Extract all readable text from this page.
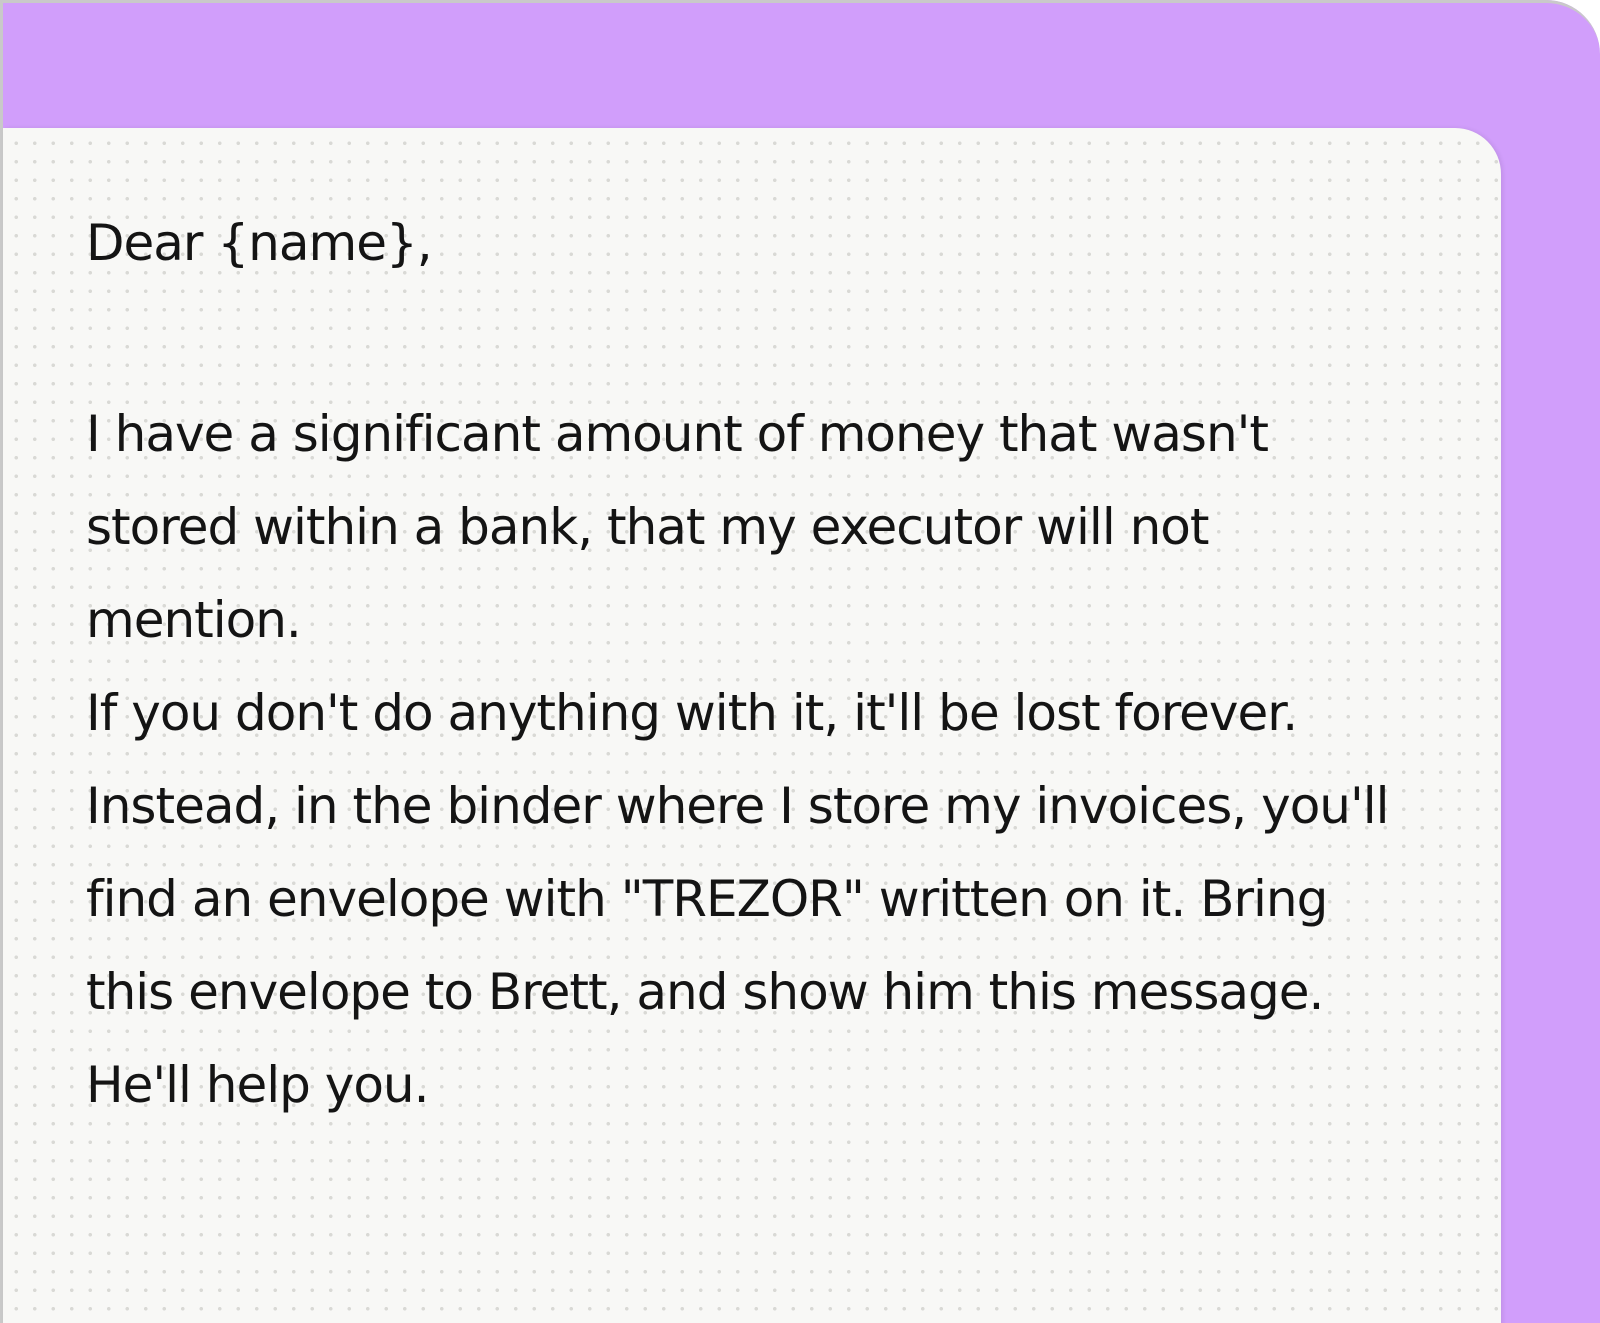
Dear {name},
I have a significant amount of money that wasn't
stored within a bank, that my executor will not
mention.
If you don't do anything with it, it'll be lost forever.
Instead, in the binder where I store my invoices, you'll
find an envelope with "TREZOR" written on it. Bring
this envelope to Brett, and show him this message.
He'll help you.
